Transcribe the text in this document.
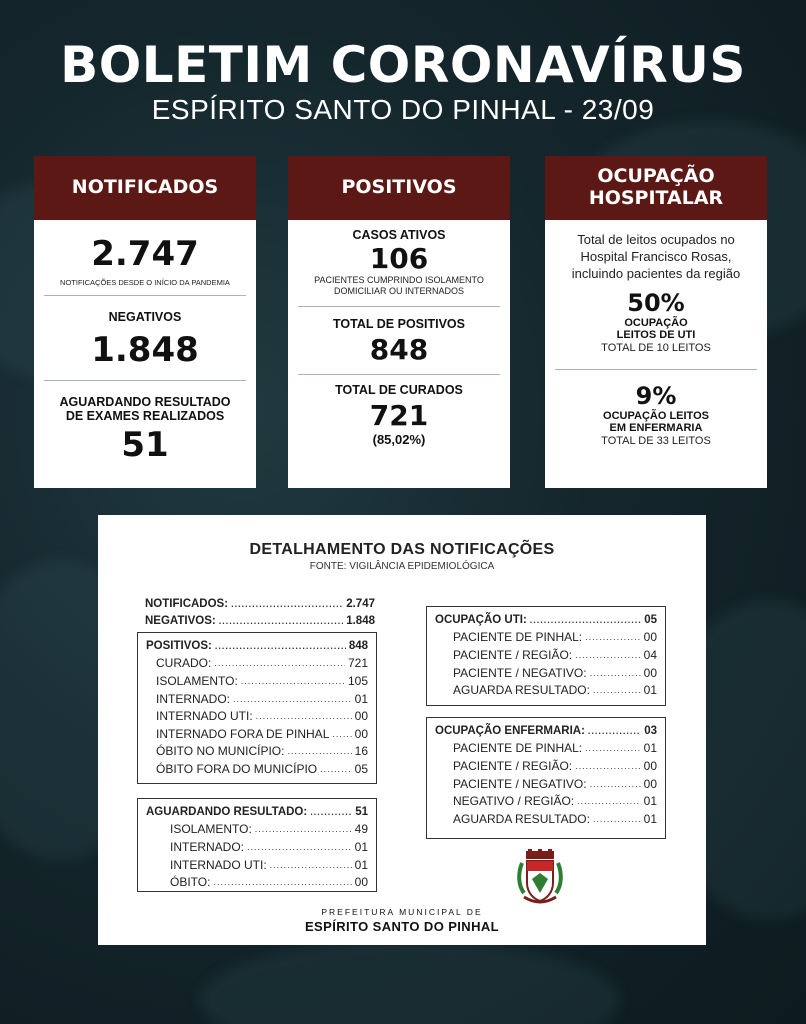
BOLETIM CORONAVÍRUS
ESPÍRITO SANTO DO PINHAL - 23/09
NOTIFICADOS
2.747
NOTIFICAÇÕES DESDE O INÍCIO DA PANDEMIA
NEGATIVOS
1.848
AGUARDANDO RESULTADO
DE EXAMES REALIZADOS
51
POSITIVOS
CASOS ATIVOS
106
PACIENTES CUMPRINDO ISOLAMENTO
DOMICILIAR OU INTERNADOS
TOTAL DE POSITIVOS
848
TOTAL DE CURADOS
721
(85,02%)
OCUPAÇÃO
HOSPITALAR
Total de leitos ocupados no
Hospital Francisco Rosas,
incluindo pacientes da região
50%
OCUPAÇÃO
LEITOS DE UTI
TOTAL DE 10 LEITOS
9%
OCUPAÇÃO LEITOS
EM ENFERMARIA
TOTAL DE 33 LEITOS
DETALHAMENTO DAS NOTIFICAÇÕES
FONTE: VIGILÂNCIA EPIDEMIOLÓGICA
NOTIFICADOS: .....	2.747
NEGATIVOS: .....	1.848
POSITIVOS: .....	848
CURADO: .....	721
ISOLAMENTO: .....	105
INTERNADO: .....	01
INTERNADO UTI: .....	00
INTERNADO FORA DE PINHAL ..... 00
ÓBITO NO MUNICÍPIO: .....	16
ÓBITO FORA DO MUNICÍPIO .....	05
AGUARDANDO RESULTADO: .....	51
ISOLAMENTO: .....	49
INTERNADO: .....	01
INTERNADO UTI: .....	01
ÓBITO: .....	00
OCUPAÇÃO UTI: .....	05
PACIENTE DE PINHAL: .....	00
PACIENTE / REGIÃO: .....	04
PACIENTE / NEGATIVO: .....	00
AGUARDA RESULTADO: .....	01
OCUPAÇÃO ENFERMARIA: .....	03
PACIENTE DE PINHAL: .....	01
PACIENTE / REGIÃO: .....	00
PACIENTE / NEGATIVO: .....	00
NEGATIVO / REGIÃO: .....	01
AGUARDA RESULTADO: .....	01
PREFEITURA MUNICIPAL DE
ESPÍRITO SANTO DO PINHAL
